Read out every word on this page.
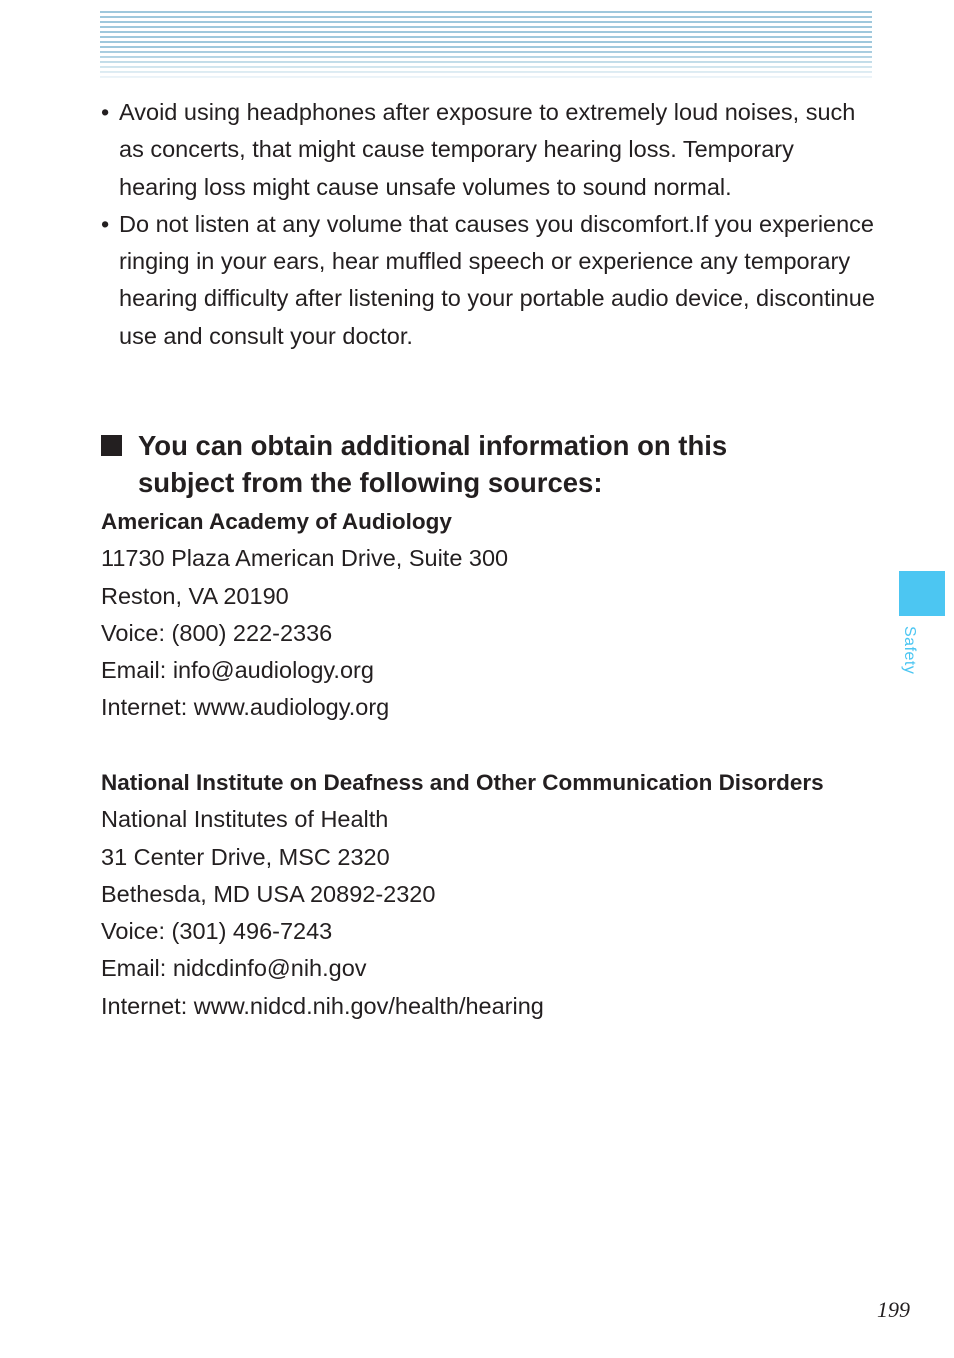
• Avoid using headphones after exposure to extremely loud noises, such as concerts, that might cause temporary hearing loss. Temporary hearing loss might cause unsafe volumes to sound normal.
• Do not listen at any volume that causes you discomfort.If you experience ringing in your ears, hear muffled speech or experience any temporary hearing difficulty after listening to your portable audio device, discontinue use and consult your doctor.
You can obtain additional information on this subject from the following sources:
American Academy of Audiology
11730 Plaza American Drive, Suite 300
Reston, VA 20190
Voice: (800) 222-2336
Email: info@audiology.org
Internet: www.audiology.org
National Institute on Deafness and Other Communication Disorders
National Institutes of Health
31 Center Drive, MSC 2320
Bethesda, MD USA 20892-2320
Voice: (301) 496-7243
Email: nidcdinfo@nih.gov
Internet: www.nidcd.nih.gov/health/hearing
Safety
199
